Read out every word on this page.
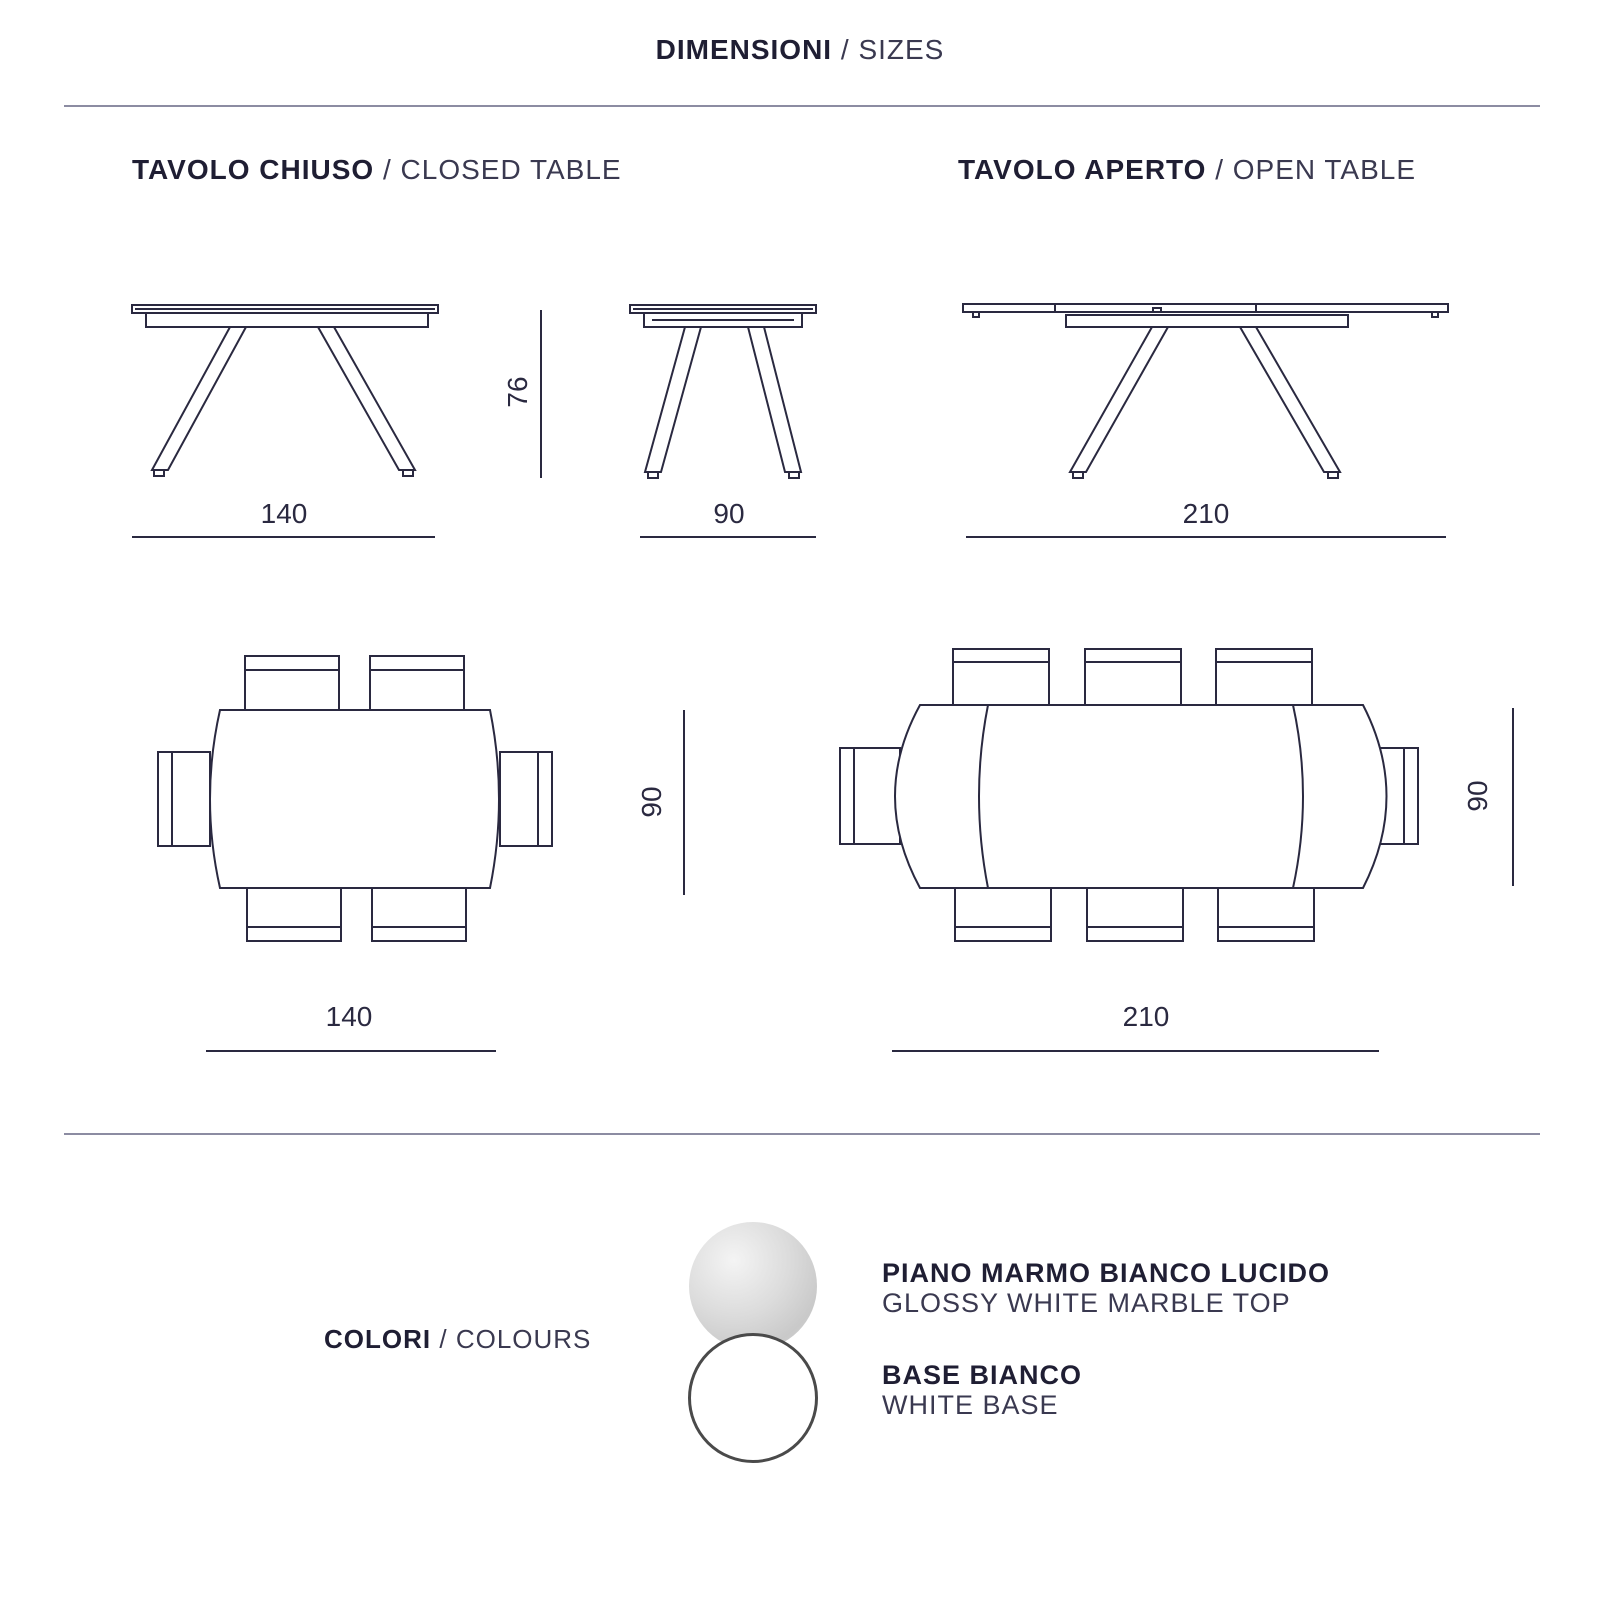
DIMENSIONI / SIZES
TAVOLO CHIUSO / CLOSED TABLE	TAVOLO APERTO / OPEN TABLE
140
76
90	210
90	90
140	210
COLORI / COLOURS
PIANO MARMO BIANCO LUCIDO
GLOSSY WHITE MARBLE TOP
BASE BIANCO
WHITE BASE
